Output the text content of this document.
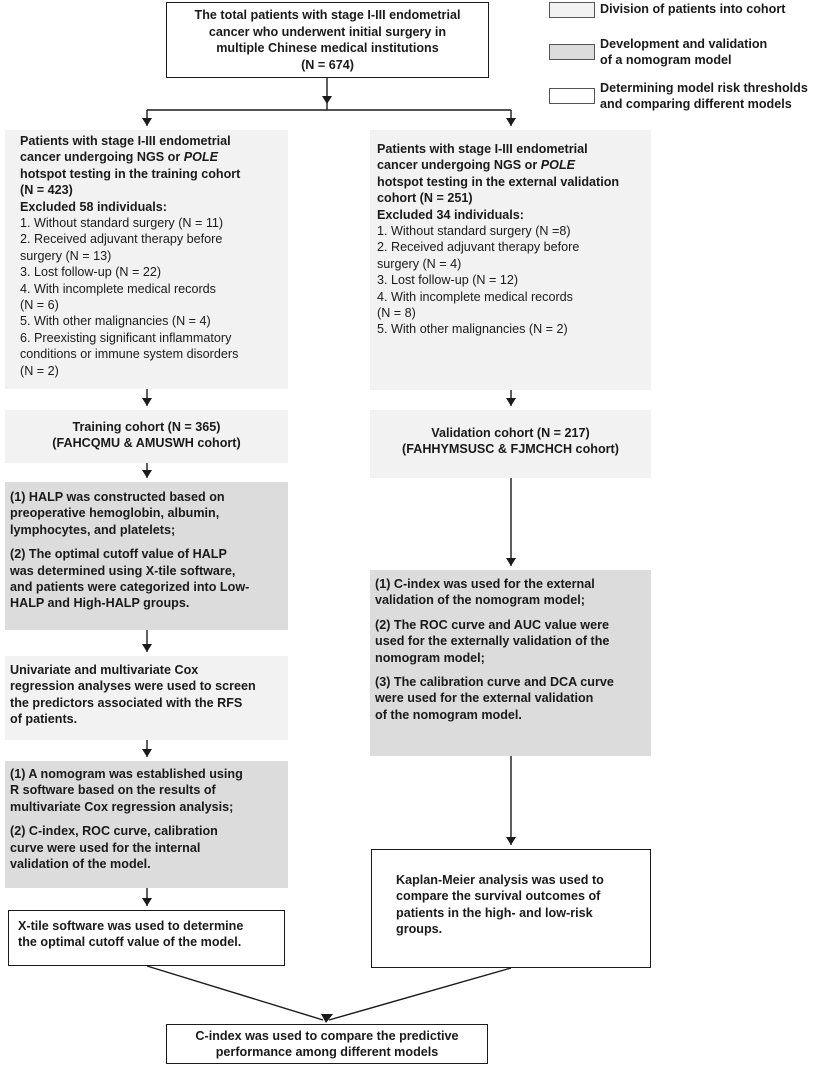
Division of patients into cohort
Development and validation
of a nomogram model
Determining model risk thresholds
and comparing different models
The total patients with stage I-III endometrial
cancer who underwent initial surgery in
multiple Chinese medical institutions
(N = 674)
Patients with stage I-III endometrial
cancer undergoing NGS or POLE
hotspot testing in the training cohort
(N = 423)
Excluded 58 individuals:
1. Without standard surgery (N = 11)
2. Received adjuvant therapy before
surgery (N = 13)
3. Lost follow-up (N = 22)
4. With incomplete medical records
(N = 6)
5. With other malignancies (N = 4)
6. Preexisting significant inflammatory
conditions or immune system disorders
(N = 2)
Patients with stage I-III endometrial
cancer undergoing NGS or POLE
hotspot testing in the external validation
cohort (N = 251)
Excluded 34 individuals:
1. Without standard surgery (N =8)
2. Received adjuvant therapy before
surgery (N = 4)
3. Lost follow-up (N = 12)
4. With incomplete medical records
(N = 8)
5. With other malignancies (N = 2)
Training cohort (N = 365)
(FAHCQMU & AMUSWH cohort)
Validation cohort (N = 217)
(FAHHYMSUSC & FJMCHCH cohort)
(1) HALP was constructed based on
preoperative hemoglobin, albumin,
lymphocytes, and platelets;
(2) The optimal cutoff value of HALP
was determined using X-tile software,
and patients were categorized into Low-
HALP and High-HALP groups.
Univariate and multivariate Cox
regression analyses were used to screen
the predictors associated with the RFS
of patients.
(1) A nomogram was established using
R software based on the results of
multivariate Cox regression analysis;
(2) C-index, ROC curve, calibration
curve were used for the internal
validation of the model.
(1) C-index was used for the external
validation of the nomogram model;
(2) The ROC curve and AUC value were
used for the externally validation of the
nomogram model;
(3) The calibration curve and DCA curve
were used for the external validation
of the nomogram model.
X-tile software was used to determine
the optimal cutoff value of the model.
Kaplan-Meier analysis was used to
compare the survival outcomes of
patients in the high- and low-risk
groups.
C-index was used to compare the predictive
performance among different models
